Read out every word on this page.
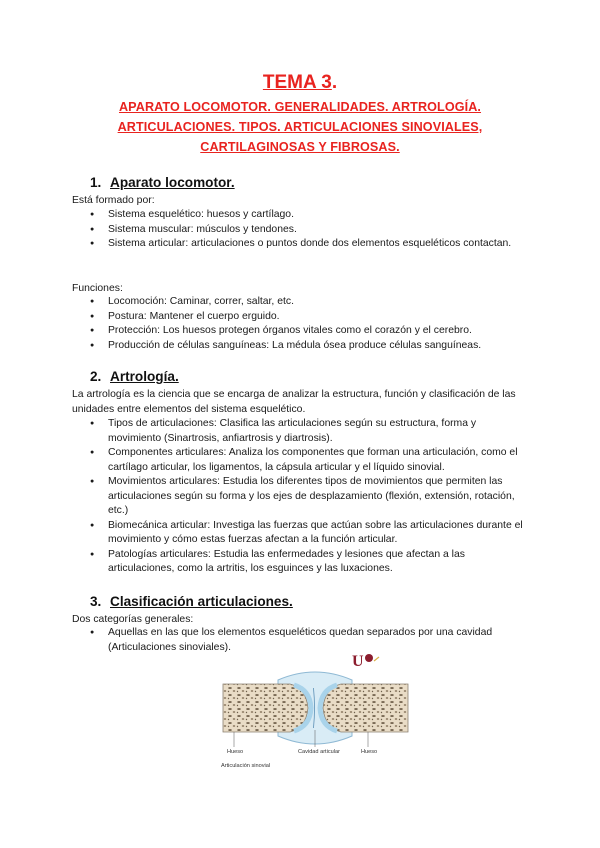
TEMA 3.
APARATO LOCOMOTOR. GENERALIDADES. ARTROLOGÍA. ARTICULACIONES. TIPOS. ARTICULACIONES SINOVIALES, CARTILAGINOSAS Y FIBROSAS.
1. Aparato locomotor.
Está formado por:
● Sistema esquelético: huesos y cartílago.
● Sistema muscular: músculos y tendones.
● Sistema articular: articulaciones o puntos donde dos elementos esqueléticos contactan.
Funciones:
● Locomoción: Caminar, correr, saltar, etc.
● Postura: Mantener el cuerpo erguido.
● Protección: Los huesos protegen órganos vitales como el corazón y el cerebro.
● Producción de células sanguíneas: La médula ósea produce células sanguíneas.
2. Artrología.
La artrología es la ciencia que se encarga de analizar la estructura, función y clasificación de las unidades entre elementos del sistema esquelético.
● Tipos de articulaciones: Clasifica las articulaciones según su estructura, forma y movimiento (Sinartrosis, anfiartrosis y diartrosis).
● Componentes articulares: Analiza los componentes que forman una articulación, como el cartílago articular, los ligamentos, la cápsula articular y el líquido sinovial.
● Movimientos articulares: Estudia los diferentes tipos de movimientos que permiten las articulaciones según su forma y los ejes de desplazamiento (flexión, extensión, rotación, etc.)
● Biomecánica articular: Investiga las fuerzas que actúan sobre las articulaciones durante el movimiento y cómo estas fuerzas afectan a la función articular.
● Patologías articulares: Estudia las enfermedades y lesiones que afectan a las articulaciones, como la artritis, los esguinces y las luxaciones.
3. Clasificación articulaciones.
Dos categorías generales:
● Aquellas en las que los elementos esqueléticos quedan separados por una cavidad (Articulaciones sinoviales).
U
Hueso	Cavidad articular	Hueso
Articulación sinovial
